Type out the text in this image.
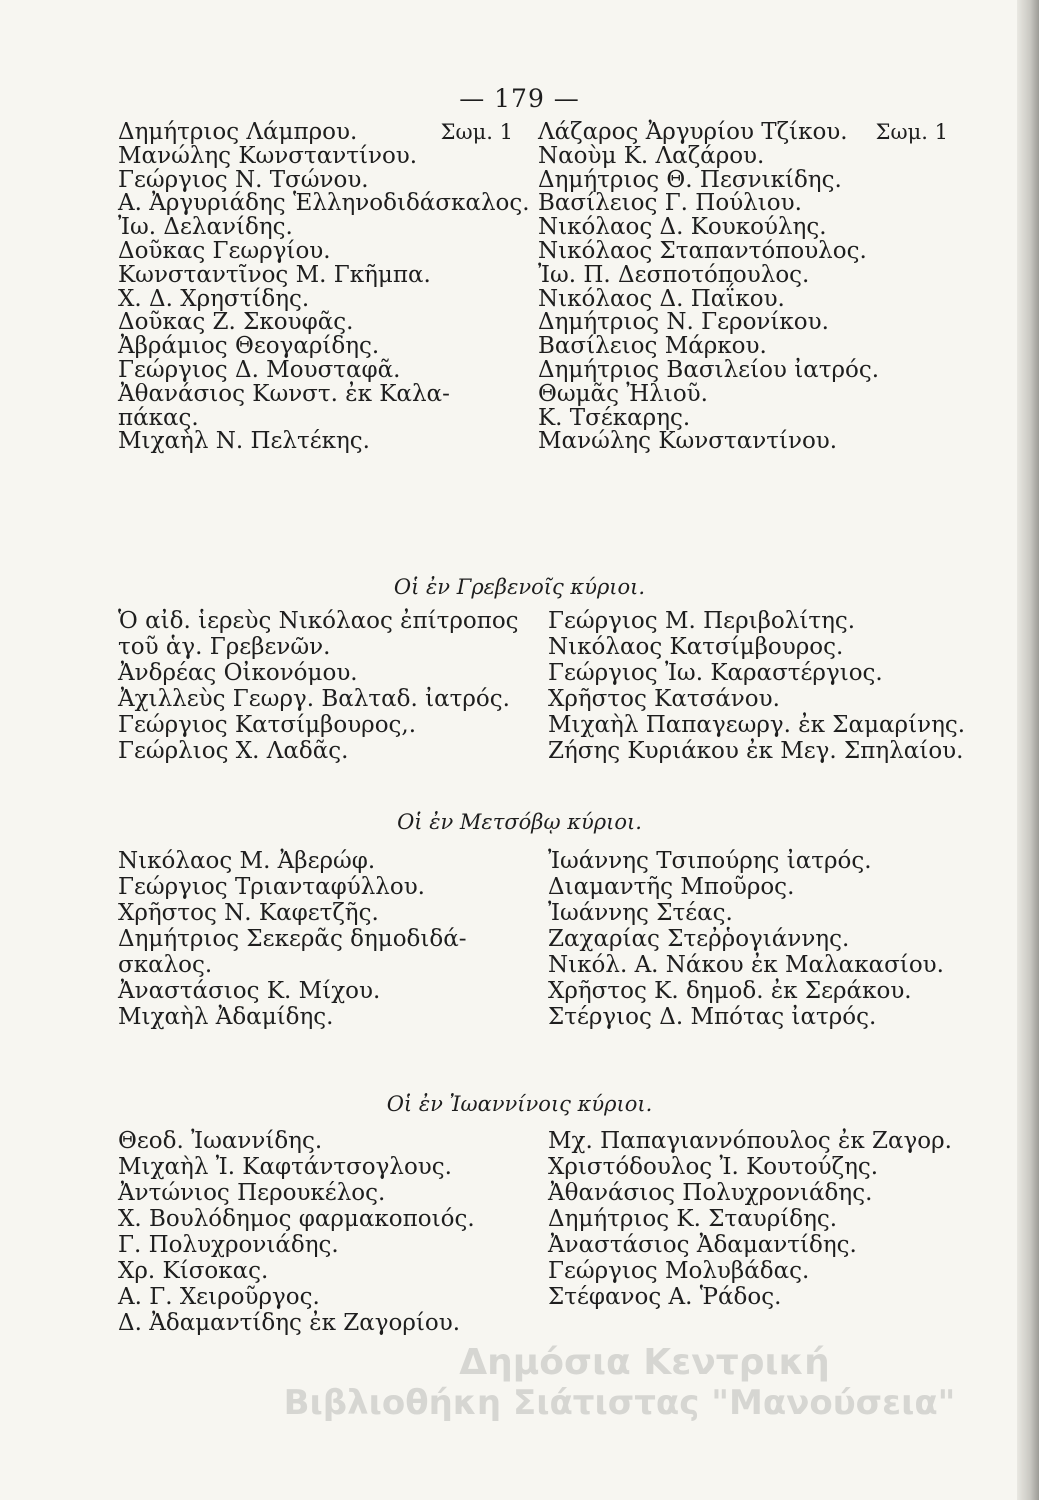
— 179 —
Δημήτριος Λάμπρου.	Σωμ. 1
Μανώλης Κωνσταντίνου.
Γεώργιος Ν. Τσώνου.
Α. Ἀργυριάδης Ἑλληνοδιδάσκαλος.
Ἰω. Δελανίδης.
Δοῦκας Γεωργίου.
Κωνσταντῖνος Μ. Γκῆμπα.
Χ. Δ. Χρηστίδης.
Δοῦκας Ζ. Σκουφᾶς.
Ἀβράμιος Θεογαρίδης.
Γεώργιος Δ. Μουσταφᾶ.
Ἀθανάσιος Κωνστ. ἐκ Καλα-
πάκας.
Μιχαὴλ Ν. Πελτέκης.
Λάζαρος Ἀργυρίου Τζίκου. Σωμ. 1
Ναοὺμ Κ. Λαζάρου.
Δημήτριος Θ. Πεσνικίδης.
Βασίλειος Γ. Πούλιου.
Νικόλαος Δ. Κουκούλης.
Νικόλαος Σταπαντόπουλος.
Ἰω. Π. Δεσποτόπουλος.
Νικόλαος Δ. Παΐκου.
Δημήτριος Ν. Γερονίκου.
Βασίλειος Μάρκου.
Δημήτριος Βασιλείου ἰατρός.
Θωμᾶς Ἠλιοῦ.
Κ. Τσέκαρης.
Μανώλης Κωνσταντίνου.
Οἱ ἐν Γρεβενοῖς κύριοι.
Ὁ αἰδ. ἱερεὺς Νικόλαος ἐπίτροπος
τοῦ ἁγ. Γρεβενῶν.
Ἀνδρέας Οἰκονόμου.
Ἀχιλλεὺς Γεωργ. Βαλταδ. ἰατρός.
Γεώργιος Κατσίμβουρος,.
Γεώρλιος Χ. Λαδᾶς.
Γεώργιος Μ. Περιβολίτης.
Νικόλαος Κατσίμβουρος.
Γεώργιος Ἰω. Καραστέργιος.
Χρῆστος Κατσάνου.
Μιχαὴλ Παπαγεωργ. ἐκ Σαμαρίνης.
Ζήσης Κυριάκου ἐκ Μεγ. Σπηλαίου.
Οἱ ἐν Μετσόβῳ κύριοι.
Νικόλαος Μ. Ἀβερώφ.
Γεώργιος Τριανταφύλλου.
Χρῆστος Ν. Καφετζῆς.
Δημήτριος Σεκερᾶς δημοδιδά-
σκαλος.
Ἀναστάσιος Κ. Μίχου.
Μιχαὴλ Ἀδαμίδης.
Ἰωάννης Τσιπούρης ἰατρός.
Διαμαντῆς Μποῦρος.
Ἰωάννης Στέας.
Ζαχαρίας Στεῤῥογιάννης.
Νικόλ. Α. Νάκου ἐκ Μαλακασίου.
Χρῆστος Κ. δημοδ. ἐκ Σεράκου.
Στέργιος Δ. Μπότας ἰατρός.
Οἱ ἐν Ἰωαννίνοις κύριοι.
Θεοδ. Ἰωαννίδης.
Μιχαὴλ Ἰ. Καφτάντσογλους.
Ἀντώνιος Περουκέλος.
Χ. Βουλόδημος φαρμακοποιός.
Γ. Πολυχρονιάδης.
Χρ. Κίσοκας.
Α. Γ. Χειροῦργος.
Δ. Ἀδαμαντίδης ἐκ Ζαγορίου.
Μχ. Παπαγιαννόπουλος ἐκ Ζαγορ.
Χριστόδουλος Ἰ. Κουτούζης.
Ἀθανάσιος Πολυχρονιάδης.
Δημήτριος Κ. Σταυρίδης.
Ἀναστάσιος Ἀδαμαντίδης.
Γεώργιος Μολυβάδας.
Στέφανος Α. Ῥάδος.
Δημόσια Κεντρική
Βιβλιοθήκη Σιάτιστας "Μανούσεια"
